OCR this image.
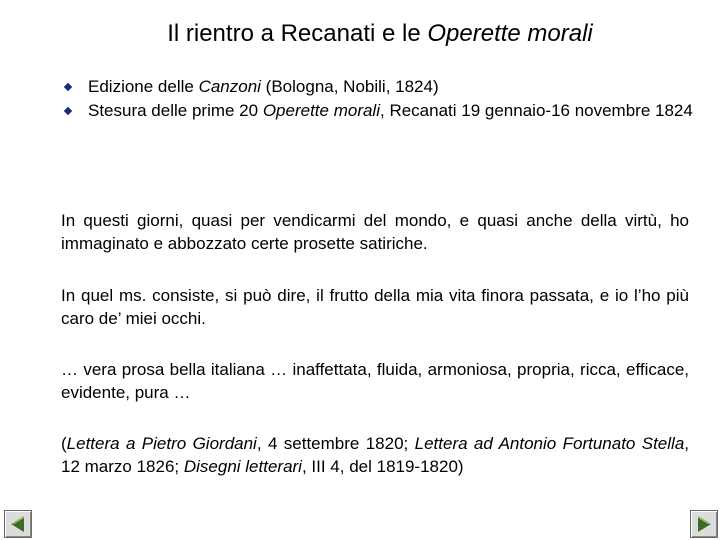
Il rientro a Recanati e le Operette morali
Edizione delle Canzoni (Bologna, Nobili, 1824)
Stesura delle prime 20 Operette morali, Recanati 19 gennaio-16 novembre 1824
In questi giorni, quasi per vendicarmi del mondo, e quasi anche della virtù, ho immaginato e abbozzato certe prosette satiriche.
In quel ms. consiste, si può dire, il frutto della mia vita finora passata, e io l’ho più caro de’ miei occhi.
… vera prosa bella italiana … inaffettata, fluida, armoniosa, propria, ricca, efficace, evidente, pura …
(Lettera a Pietro Giordani, 4 settembre 1820; Lettera ad Antonio Fortunato Stella, 12 marzo 1826; Disegni letterari, III 4, del 1819-1820)
